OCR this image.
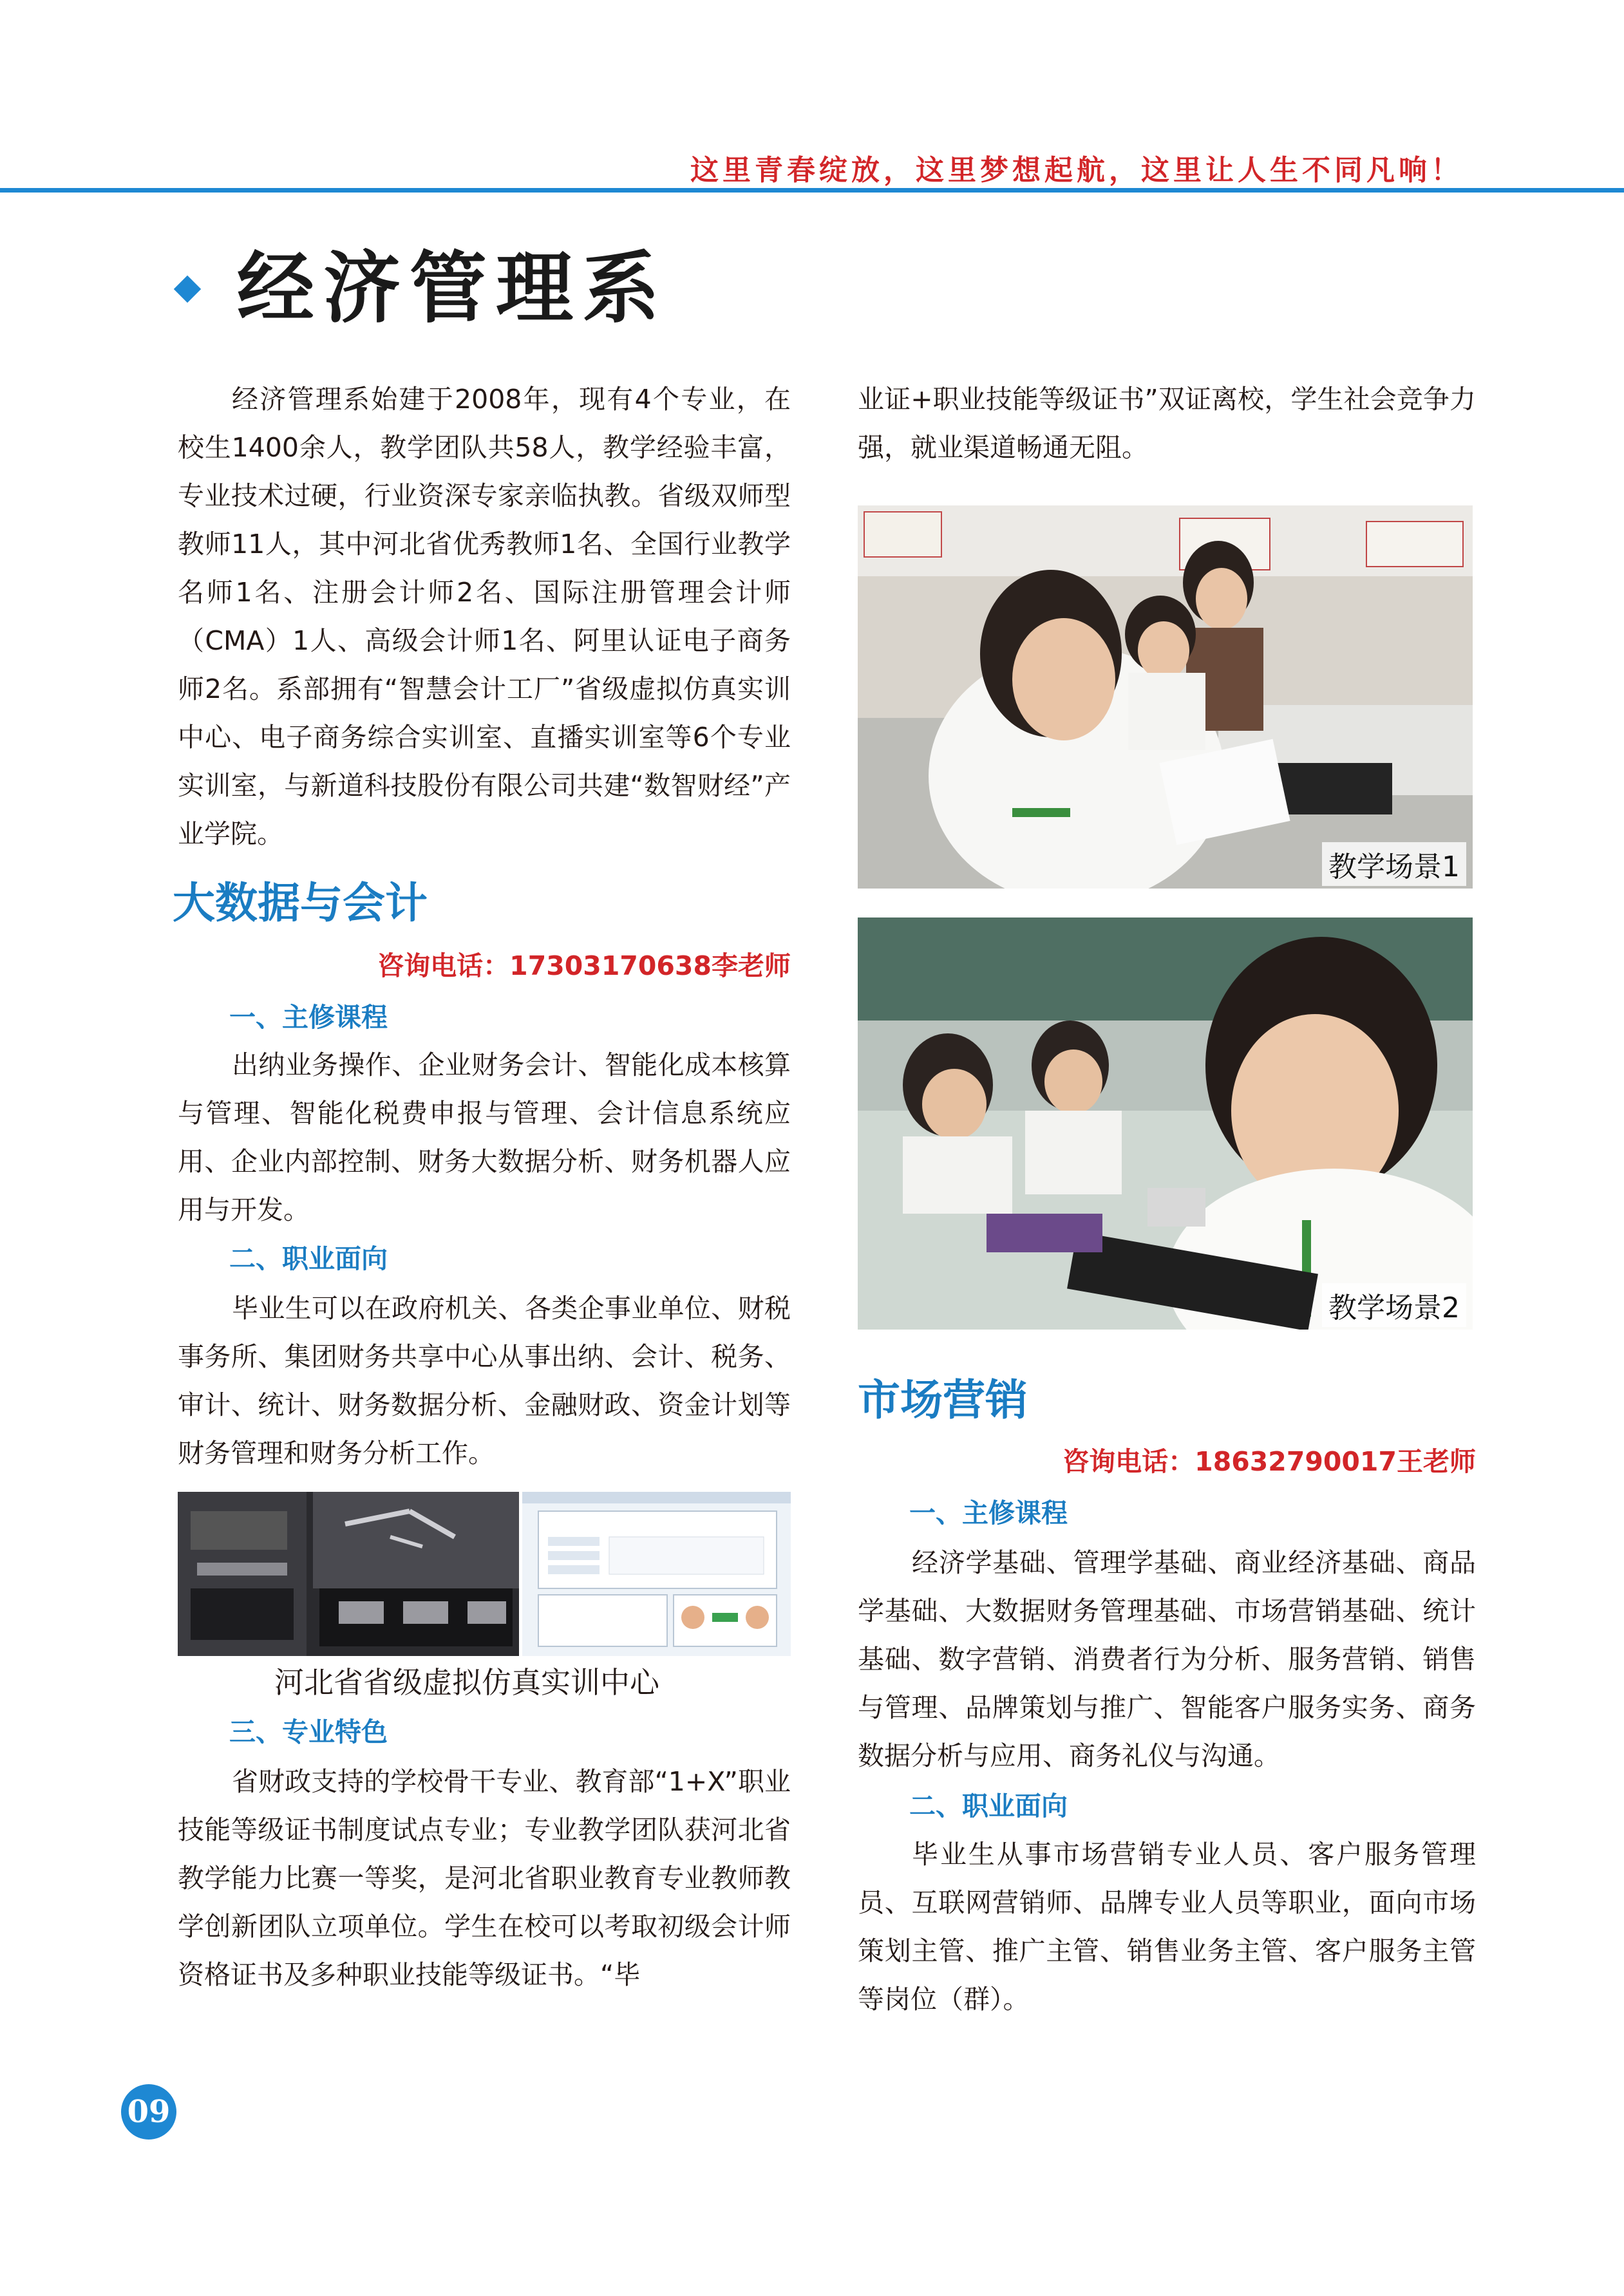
这里青春绽放，这里梦想起航，这里让人生不同凡响！
经济管理系

经济管理系始建于2008年，现有4个专业，在校生1400余人，教学团队共58人，教学经验丰富，专业技术过硬，行业资深专家亲临执教。省级双师型教师11人，其中河北省优秀教师1名、全国行业教学名师1名、注册会计师2名、国际注册管理会计师（CMA）1人、高级会计师1名、阿里认证电子商务师2名。系部拥有“智慧会计工厂”省级虚拟仿真实训中心、电子商务综合实训室、直播实训室等6个专业实训室，与新道科技股份有限公司共建“数智财经”产业学院。

大数据与会计
咨询电话：17303170638李老师
一、主修课程

出纳业务操作、企业财务会计、智能化成本核算与管理、智能化税费申报与管理、会计信息系统应用、企业内部控制、财务大数据分析、财务机器人应用与开发。

二、职业面向

毕业生可以在政府机关、各类企事业单位、财税事务所、集团财务共享中心从事出纳、会计、税务、审计、统计、财务数据分析、金融财政、资金计划等财务管理和财务分析工作。

河北省省级虚拟仿真实训中心
三、专业特色

省财政支持的学校骨干专业、教育部“1+X”职业技能等级证书制度试点专业；专业教学团队获河北省教学能力比赛一等奖，是河北省职业教育专业教师教学创新团队立项单位。学生在校可以考取初级会计师资格证书及多种职业技能等级证书。“毕

业证+职业技能等级证书”双证离校，学生社会竞争力强，就业渠道畅通无阻。

教学场景1
教学场景2
市场营销
咨询电话：18632790017王老师
一、主修课程

经济学基础、管理学基础、商业经济基础、商品学基础、大数据财务管理基础、市场营销基础、统计基础、数字营销、消费者行为分析、服务营销、销售与管理、品牌策划与推广、智能客户服务实务、商务数据分析与应用、商务礼仪与沟通。

二、职业面向

毕业生从事市场营销专业人员、客户服务管理员、互联网营销师、品牌专业人员等职业，面向市场策划主管、推广主管、销售业务主管、客户服务主管等岗位（群）。

09
